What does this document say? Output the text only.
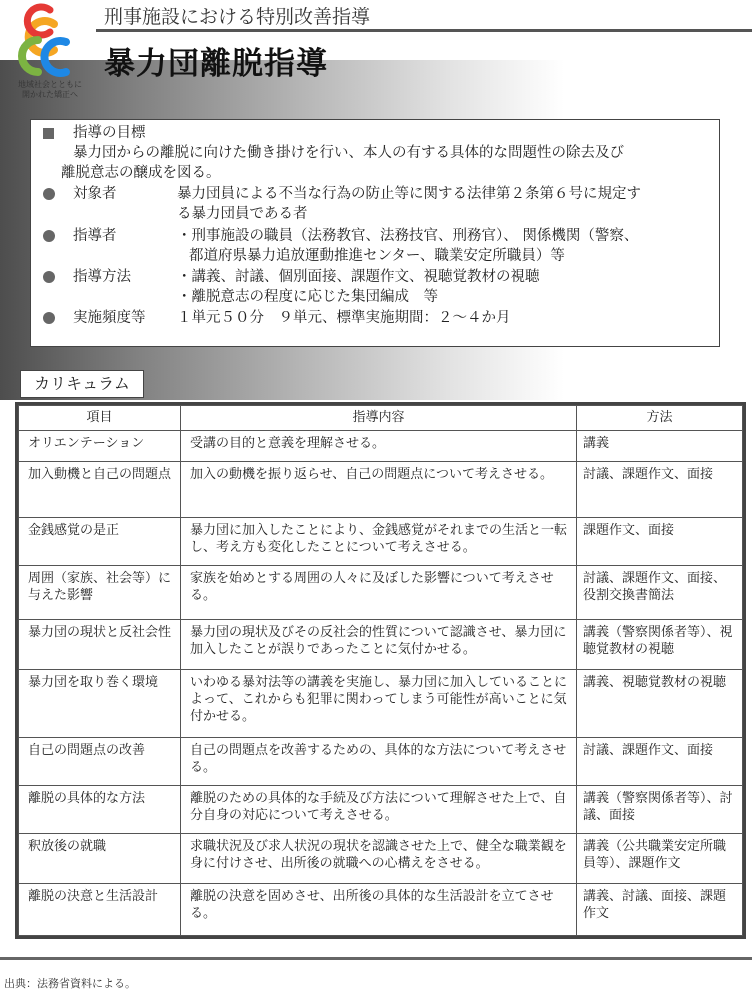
地域社会とともに
開かれた矯正へ
刑事施設における特別改善指導
暴力団離脱指導
指導の目標
暴力団からの離脱に向けた働き掛けを行い、本人の有する具体的な問題性の除去及び
離脱意志の醸成を図る。
対象者	暴力団員による不当な行為の防止等に関する法律第２条第６号に規定す
る暴力団員である者
指導者	・刑事施設の職員（法務教官、法務技官、刑務官）、 関係機関（警察、
都道府県暴力追放運動推進センター、職業安定所職員）等
指導方法	・講義、討議、個別面接、課題作文、視聴覚教材の視聴
・離脱意志の程度に応じた集団編成　等
実施頻度等 １単元５０分　９単元、標準実施期間：２～４か月
カリキュラム
項目	指導内容	方法
オリエンテーション	受講の目的と意義を理解させる。	講義
加入動機と自己の問題点	加入の動機を振り返らせ、自己の問題点について考えさせる。	討議、課題作文、面接
金銭感覚の是正	暴力団に加入したことにより、金銭感覚がそれまでの生活と一転し、考え方も変化したことについて考えさせる。	課題作文、面接
周囲（家族、社会等）に与えた影響	家族を始めとする周囲の人々に及ぼした影響について考えさせる。	討議、課題作文、面接、役割交換書簡法
暴力団の現状と反社会性	暴力団の現状及びその反社会的性質について認識させ、暴力団に加入したことが誤りであったことに気付かせる。	講義（警察関係者等）、視聴覚教材の視聴
暴力団を取り巻く環境	いわゆる暴対法等の講義を実施し、暴力団に加入していることによって、これからも犯罪に関わってしまう可能性が高いことに気付かせる。	講義、視聴覚教材の視聴
自己の問題点の改善	自己の問題点を改善するための、具体的な方法について考えさせる。	討議、課題作文、面接
離脱の具体的な方法	離脱のための具体的な手続及び方法について理解させた上で、自分自身の対応について考えさせる。	講義（警察関係者等）、討議、面接
釈放後の就職	求職状況及び求人状況の現状を認識させた上で、健全な職業観を身に付けさせ、出所後の就職への心構えをさせる。	講義（公共職業安定所職員等）、課題作文
離脱の決意と生活設計	離脱の決意を固めさせ、出所後の具体的な生活設計を立てさせる。	講義、討議、面接、課題作文
出典：法務省資料による。
